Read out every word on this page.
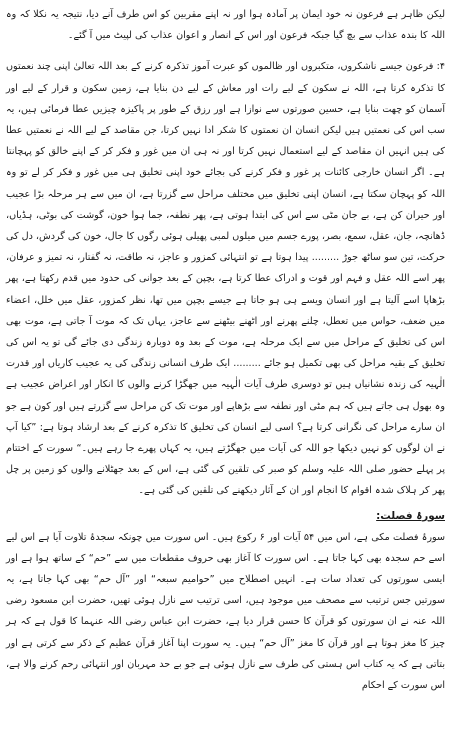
لیکن ظاہر ہے فرعون نہ خود ایمان پر آمادہ ہوا اور نہ اپنے مقربین کو اس طرف آنے دیا، نتیجہ یہ نکلا کہ وہ اللہ کا بندہ عذاب سے بچ گیا جبکہ فرعون اور اس کے انصار و اعوان عذاب کی لپیٹ میں آ گئے۔

۴: فرعون جیسے ناشکروں، متکبروں اور ظالموں کو عبرت آموز تذکرہ کرنے کے بعد اللہ تعالیٰ اپنی چند نعمتوں کا تذکرہ کرتا ہے، اللہ نے سکون کے لیے رات اور معاش کے لیے دن بنایا ہے، زمین سکون و قرار کے لیے اور آسمان کو چھت بنایا ہے، حسین صورتوں سے نوازا ہے اور رزق کے طور پر پاکیزہ چیزیں عطا فرمائی ہیں، یہ سب اس کی نعمتیں ہیں لیکن انسان ان نعمتوں کا شکر ادا نہیں کرتا، جن مقاصد کے لیے اللہ نے نعمتیں عطا کی ہیں انہیں ان مقاصد کے لیے استعمال نہیں کرتا اور نہ ہی ان میں غور و فکر کر کے اپنے خالق کو پہچانتا ہے۔ اگر انسان خارجی کائنات پر غور و فکر کرنے کی بجائے خود اپنی تخلیق ہی میں غور و فکر کر لے تو وہ اللہ کو پہچان سکتا ہے، انسان اپنی تخلیق میں مختلف مراحل سے گزرتا ہے، ان میں سے ہر مرحلہ بڑا عجیب اور حیران کن ہے، بے جان مٹی سے اس کی ابتدا ہوتی ہے، پھر نطفہ، جما ہوا خون، گوشت کی بوٹی، ہڈیاں، ڈھانچہ، جان، عقل، سمع، بصر، پورے جسم میں میلوں لمبی پھیلی ہوئی رگوں کا جال، خون کی گردش، دل کی حرکت، تین سو ساٹھ جوڑ ......... پیدا ہوتا ہے تو انتہائی کمزور و عاجز، نہ طاقت، نہ گفتار، نہ تمیز و عرفان، پھر اسے اللہ عقل و فہم اور قوت و ادراک عطا کرتا ہے، بچپن کے بعد جوانی کی حدود میں قدم رکھتا ہے، پھر بڑھاپا اسے آلیتا ہے اور انسان ویسے ہی ہو جاتا ہے جیسے بچپن میں تھا، نظر کمزور، عقل میں خلل، اعضاء میں ضعف، حواس میں تعطل، چلنے پھرنے اور اٹھنے بیٹھنے سے عاجز، یہاں تک کہ موت آ جاتی ہے، موت بھی اس کی تخلیق کے مراحل میں سے ایک مرحلہ ہے، موت کے بعد وہ دوبارہ زندگی دی جائے گی تو یہ اس کی تخلیق کے بقیہ مراحل کی بھی تکمیل ہو جائے ......... ایک طرف انسانی زندگی کی یہ عجیب کاریاں اور قدرت الٰہیہ کی زندہ نشانیاں ہیں تو دوسری طرف آیات الٰہیہ میں جھگڑا کرنے والوں کا انکار اور اعراض عجیب ہے وہ بھول ہی جاتے ہیں کہ ہم مٹی اور نطفہ سے بڑھاپے اور موت تک کن مراحل سے گزرتے ہیں اور کون ہے جو ان سارے مراحل کی نگرانی کرتا ہے؟ اسی لیے انسان کی تخلیق کا تذکرہ کرنے کے بعد ارشاد ہوتا ہے: ”کیا آپ نے ان لوگوں کو نہیں دیکھا جو اللہ کی آیات میں جھگڑتے ہیں، یہ کہاں پھرے جا رہے ہیں۔“ سورت کے اختتام پر پہلے حضور صلی اللہ علیہ وسلم کو صبر کی تلقین کی گئی ہے، اس کے بعد جھٹلانے والوں کو زمین پر چل پھر کر ہلاک شدہ اقوام کا انجام اور ان کے آثار دیکھنے کی تلقین کی گئی ہے۔

سورۂ فصلت:

سورۂ فصلت مکی ہے، اس میں ۵۴ آیات اور ۶ رکوع ہیں۔ اس سورت میں چونکہ سجدۂ تلاوت آیا ہے اس لیے اسے حم سجدہ بھی کہا جاتا ہے۔ اس سورت کا آغاز بھی حروف مقطعات میں سے ”حم“ کے ساتھ ہوا ہے اور ایسی سورتوں کی تعداد سات ہے۔ انہیں اصطلاح میں ”حوامیم سبعہ“ اور ”آل حم“ بھی کہا جاتا ہے، یہ سورتیں جس ترتیب سے مصحف میں موجود ہیں، اسی ترتیب سے نازل ہوئی تھیں، حضرت ابن مسعود رضی اللہ عنہ نے ان سورتوں کو قرآن کا حسن قرار دیا ہے، حضرت ابن عباس رضی اللہ عنہما کا قول ہے کہ ہر چیز کا مغز ہوتا ہے اور قرآن کا مغز ”آل حم“ ہیں۔ یہ سورت اپنا آغاز قرآن عظیم کے ذکر سے کرتی ہے اور بتاتی ہے کہ یہ کتاب اس ہستی کی طرف سے نازل ہوئی ہے جو بے حد مہربان اور انتہائی رحم کرنے والا ہے، اس سورت کے احکام
